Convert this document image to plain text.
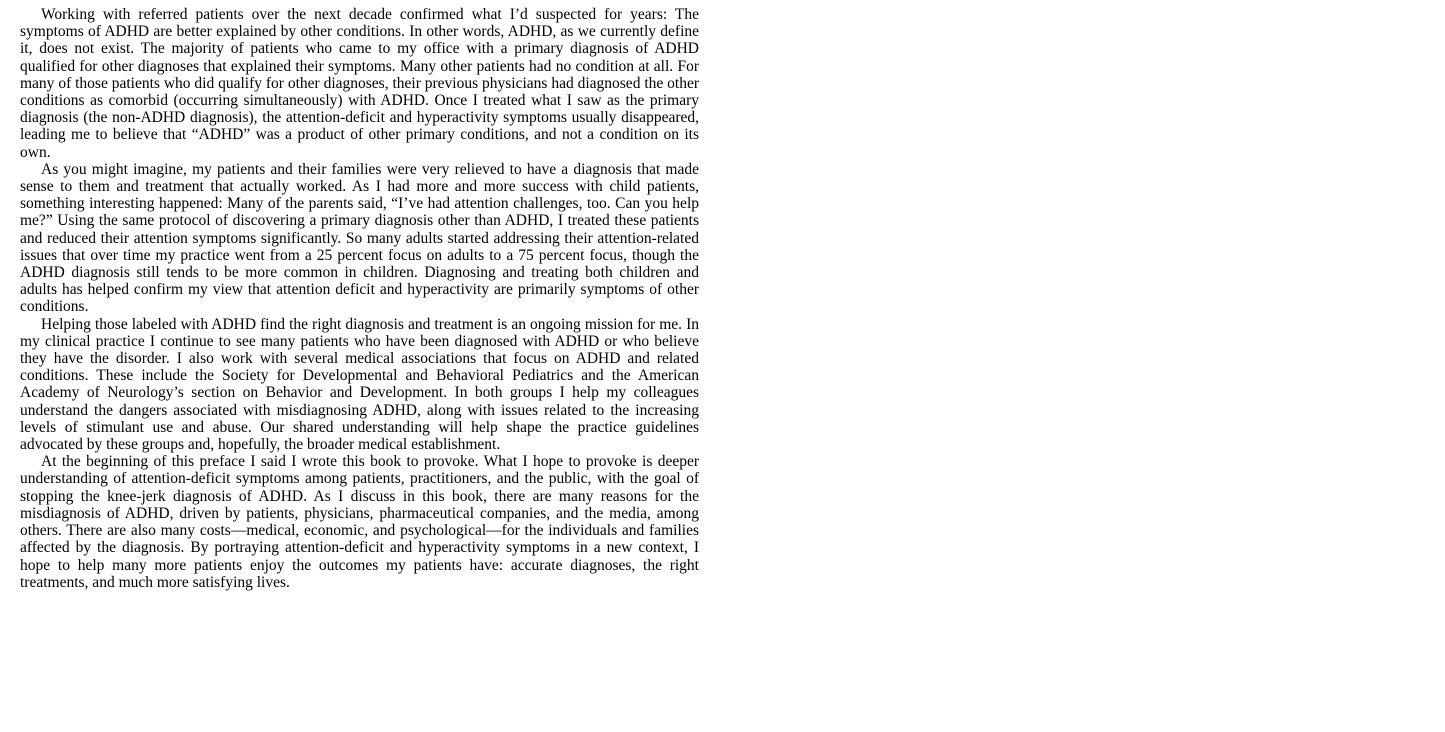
Working with referred patients over the next decade confirmed what I’d suspected for years: The symptoms of ADHD are better explained by other conditions. In other words, ADHD, as we currently define it, does not exist. The majority of patients who came to my office with a primary diagnosis of ADHD qualified for other diagnoses that explained their symptoms. Many other patients had no condition at all. For many of those patients who did qualify for other diagnoses, their previous physicians had diagnosed the other conditions as comorbid (occurring simultaneously) with ADHD. Once I treated what I saw as the primary diagnosis (the non-ADHD diagnosis), the attention-deficit and hyperactivity symptoms usually disappeared, leading me to believe that “ADHD” was a product of other primary conditions, and not a condition on its own.

As you might imagine, my patients and their families were very relieved to have a diagnosis that made sense to them and treatment that actually worked. As I had more and more success with child patients, something interesting happened: Many of the parents said, “I’ve had attention challenges, too. Can you help me?” Using the same protocol of discovering a primary diagnosis other than ADHD, I treated these patients and reduced their attention symptoms significantly. So many adults started addressing their attention-related issues that over time my practice went from a 25 percent focus on adults to a 75 percent focus, though the ADHD diagnosis still tends to be more common in children. Diagnosing and treating both children and adults has helped confirm my view that attention deficit and hyperactivity are primarily symptoms of other conditions.

Helping those labeled with ADHD find the right diagnosis and treatment is an ongoing mission for me. In my clinical practice I continue to see many patients who have been diagnosed with ADHD or who believe they have the disorder. I also work with several medical associations that focus on ADHD and related conditions. These include the Society for Developmental and Behavioral Pediatrics and the American Academy of Neurology’s section on Behavior and Development. In both groups I help my colleagues understand the dangers associated with misdiagnosing ADHD, along with issues related to the increasing levels of stimulant use and abuse. Our shared understanding will help shape the practice guidelines advocated by these groups and, hopefully, the broader medical establishment.

At the beginning of this preface I said I wrote this book to provoke. What I hope to provoke is deeper understanding of attention-deficit symptoms among patients, practitioners, and the public, with the goal of stopping the knee-jerk diagnosis of ADHD. As I discuss in this book, there are many reasons for the misdiagnosis of ADHD, driven by patients, physicians, pharmaceutical companies, and the media, among others. There are also many costs—medical, economic, and psychological—for the individuals and families affected by the diagnosis. By portraying attention-deficit and hyperactivity symptoms in a new context, I hope to help many more patients enjoy the outcomes my patients have: accurate diagnoses, the right treatments, and much more satisfying lives.
